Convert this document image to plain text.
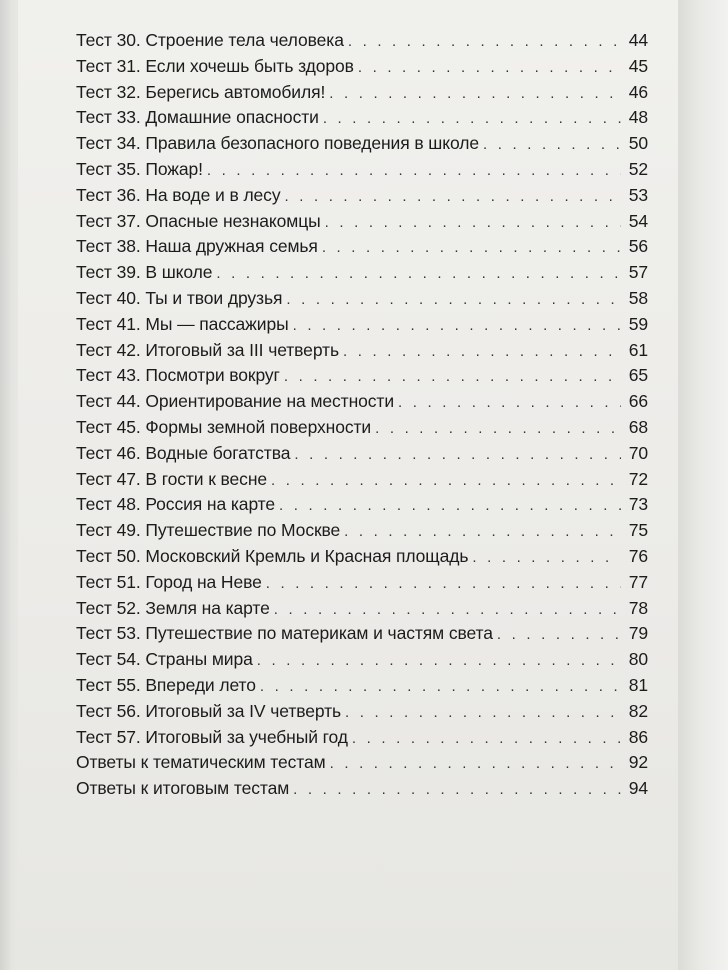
Тест 30. Строение тела человека . . .	44
Тест 31. Если хочешь быть здоров . . .	45
Тест 32. Берегись автомобиля! . . .	46
Тест 33. Домашние опасности . . .	48
Тест 34. Правила безопасного поведения в школе . . .	50
Тест 35. Пожар! . . .	52
Тест 36. На воде и в лесу . . .	53
Тест 37. Опасные незнакомцы . . .	54
Тест 38. Наша дружная семья . . .	56
Тест 39. В школе . . .	57
Тест 40. Ты и твои друзья . . .	58
Тест 41. Мы — пассажиры . . .	59
Тест 42. Итоговый за III четверть . . .	61
Тест 43. Посмотри вокруг . . .	65
Тест 44. Ориентирование на местности . . .	66
Тест 45. Формы земной поверхности . . .	68
Тест 46. Водные богатства . . .	70
Тест 47. В гости к весне . . .	72
Тест 48. Россия на карте . . .	73
Тест 49. Путешествие по Москве . . .	75
Тест 50. Московский Кремль и Красная площадь . . .	76
Тест 51. Город на Неве . . .	77
Тест 52. Земля на карте . . .	78
Тест 53. Путешествие по материкам и частям света . . .	79
Тест 54. Страны мира . . .	80
Тест 55. Впереди лето . . .	81
Тест 56. Итоговый за IV четверть . . .	82
Тест 57. Итоговый за учебный год . . .	86
Ответы к тематическим тестам . . .	92
Ответы к итоговым тестам . . .	94
